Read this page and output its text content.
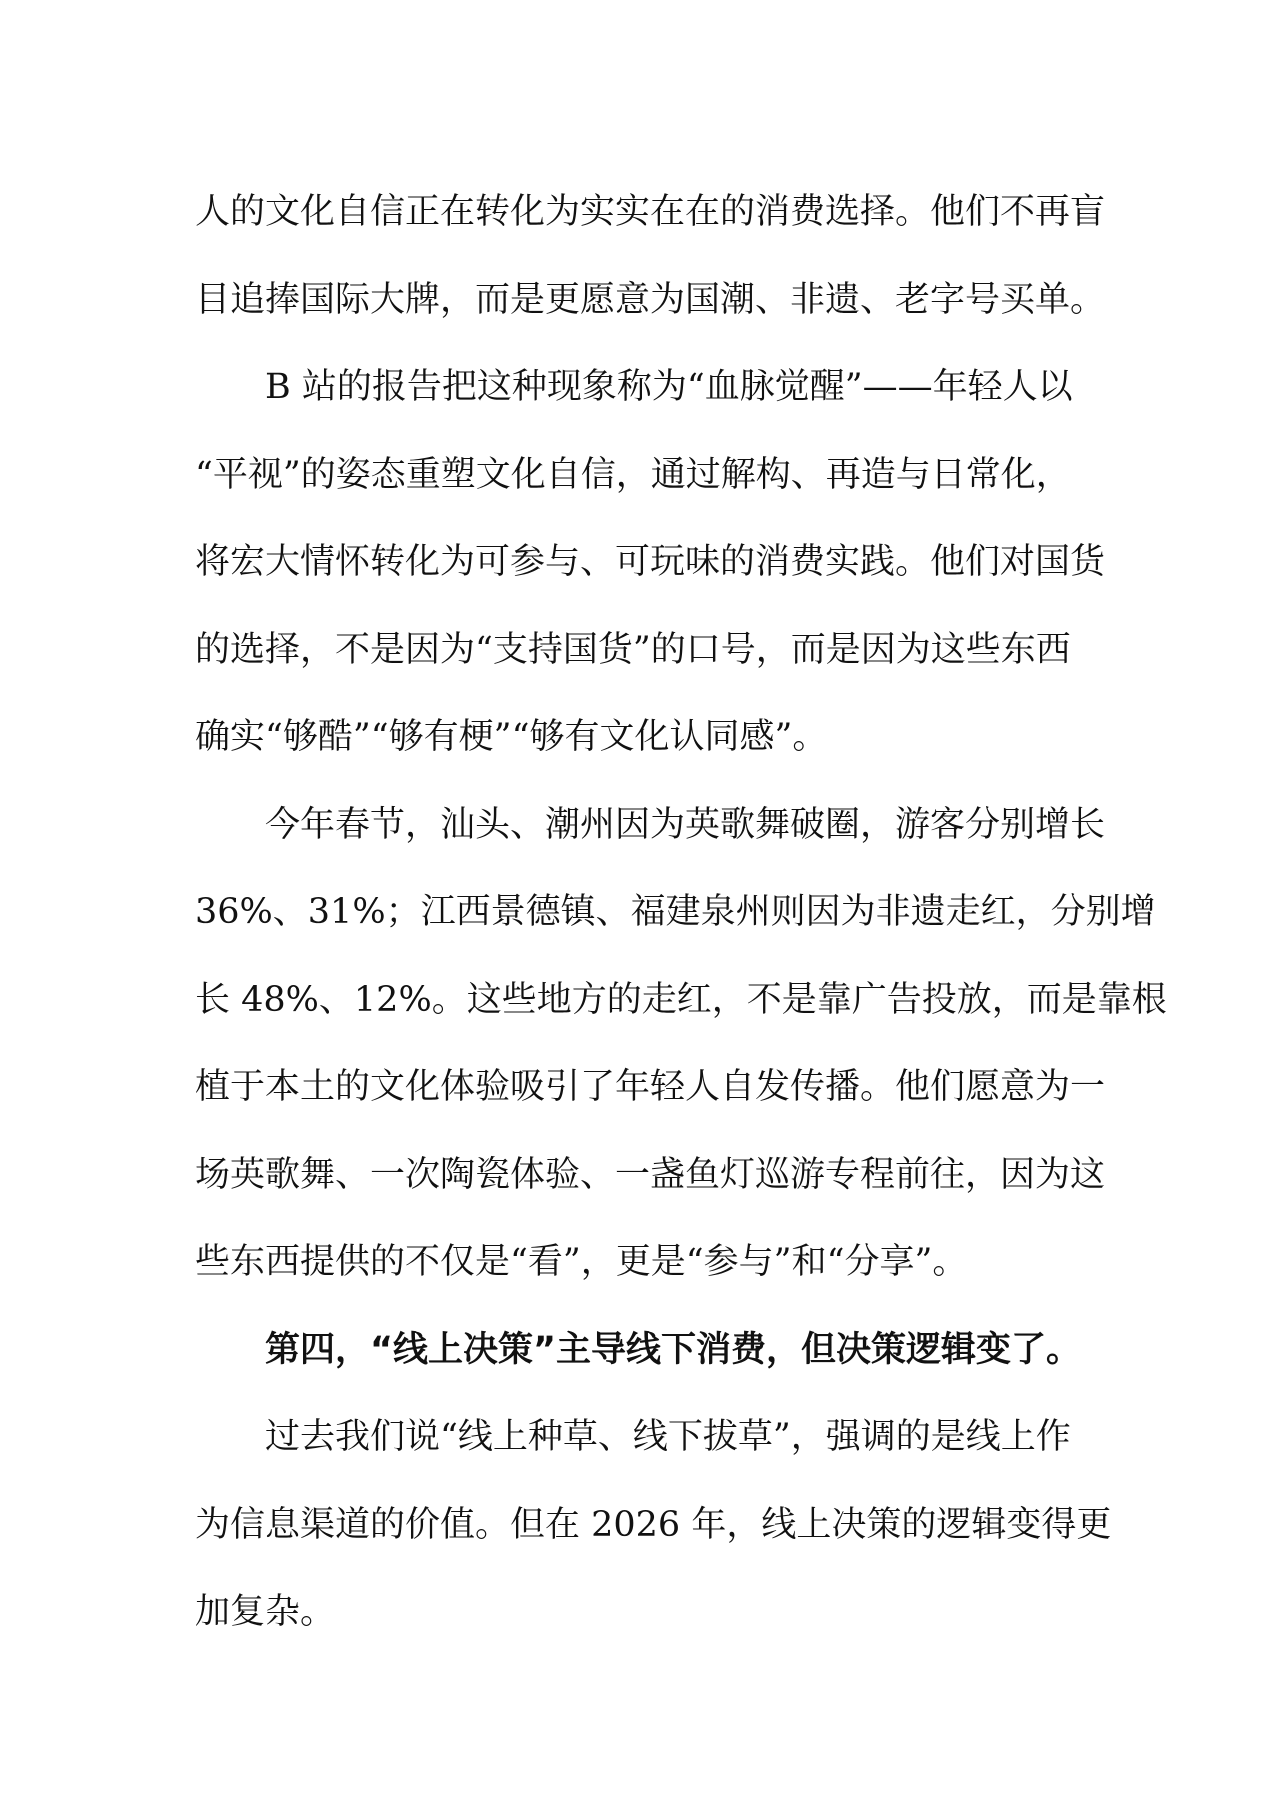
人的文化自信正在转化为实实在在的消费选择。他们不再盲
目追捧国际大牌，而是更愿意为国潮、非遗、老字号买单。
B 站的报告把这种现象称为“血脉觉醒”——年轻人以
“平视”的姿态重塑文化自信，通过解构、再造与日常化，
将宏大情怀转化为可参与、可玩味的消费实践。他们对国货
的选择，不是因为“支持国货”的口号，而是因为这些东西
确实“够酷”“够有梗”“够有文化认同感”。
今年春节，汕头、潮州因为英歌舞破圈，游客分别增长
36%、31%；江西景德镇、福建泉州则因为非遗走红，分别增
长 48%、12%。这些地方的走红，不是靠广告投放，而是靠根
植于本土的文化体验吸引了年轻人自发传播。他们愿意为一
场英歌舞、一次陶瓷体验、一盏鱼灯巡游专程前往，因为这
些东西提供的不仅是“看”，更是“参与”和“分享”。
第四，“线上决策”主导线下消费，但决策逻辑变了。
过去我们说“线上种草、线下拔草”，强调的是线上作
为信息渠道的价值。但在 2026 年，线上决策的逻辑变得更
加复杂。
